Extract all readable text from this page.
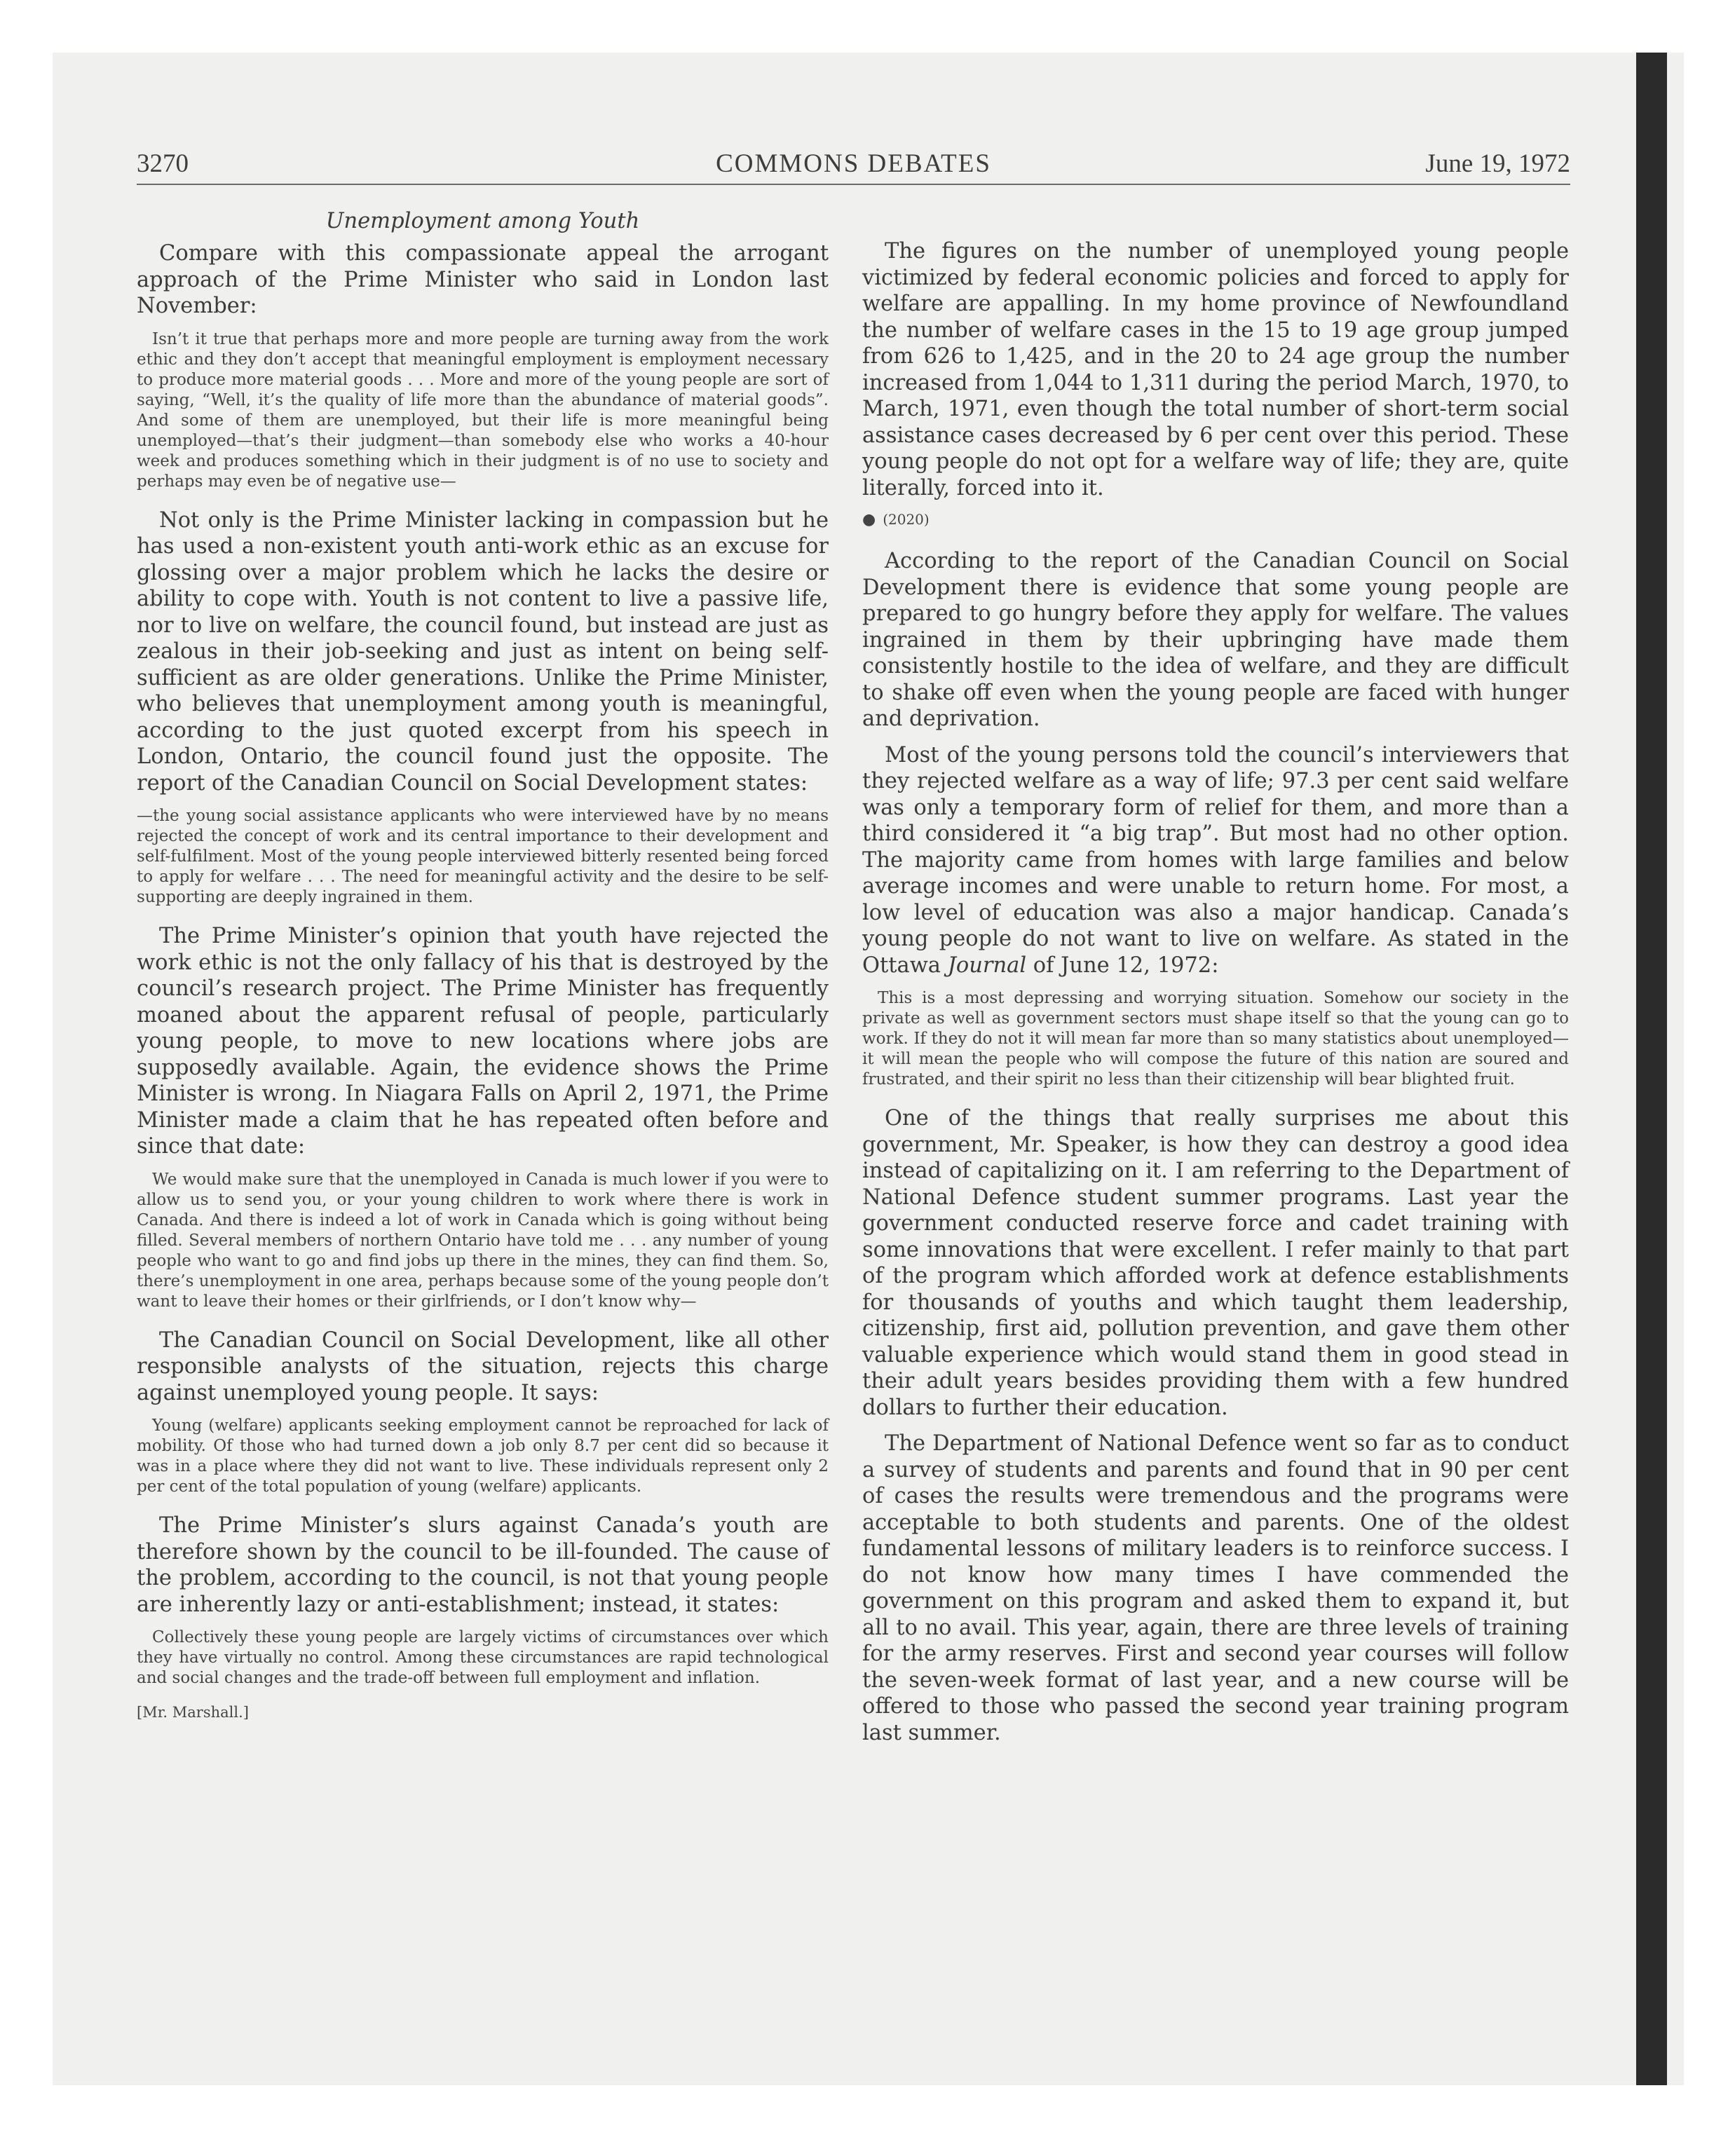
3270	COMMONS DEBATES	June 19, 1972
Unemployment among Youth

Compare with this compassionate appeal the arrogant approach of the Prime Minister who said in London last November:

Isn’t it true that perhaps more and more people are turning away from the work ethic and they don’t accept that meaningful employment is employment necessary to produce more material goods . . . More and more of the young people are sort of saying, “Well, it’s the quality of life more than the abundance of material goods”. And some of them are unemployed, but their life is more meaningful being unemployed—that’s their judgment—than somebody else who works a 40-hour week and produces something which in their judgment is of no use to society and perhaps may even be of negative use—

Not only is the Prime Minister lacking in compassion but he has used a non-existent youth anti-work ethic as an excuse for glossing over a major problem which he lacks the desire or ability to cope with. Youth is not content to live a passive life, nor to live on welfare, the council found, but instead are just as zealous in their job-seeking and just as intent on being self-sufficient as are older generations. Unlike the Prime Minister, who believes that unemployment among youth is meaningful, according to the just quoted excerpt from his speech in London, Ontario, the council found just the opposite. The report of the Canadian Council on Social Development states:

—the young social assistance applicants who were interviewed have by no means rejected the concept of work and its central importance to their development and self-fulfilment. Most of the young people interviewed bitterly resented being forced to apply for welfare . . . The need for meaningful activity and the desire to be self-supporting are deeply ingrained in them.

The Prime Minister’s opinion that youth have rejected the work ethic is not the only fallacy of his that is destroyed by the council’s research project. The Prime Minister has frequently moaned about the apparent refusal of people, particularly young people, to move to new locations where jobs are supposedly available. Again, the evidence shows the Prime Minister is wrong. In Niagara Falls on April 2, 1971, the Prime Minister made a claim that he has repeated often before and since that date:

We would make sure that the unemployed in Canada is much lower if you were to allow us to send you, or your young children to work where there is work in Canada. And there is indeed a lot of work in Canada which is going without being filled. Several members of northern Ontario have told me . . . any number of young people who want to go and find jobs up there in the mines, they can find them. So, there’s unemployment in one area, perhaps because some of the young people don’t want to leave their homes or their girlfriends, or I don’t know why—

The Canadian Council on Social Development, like all other responsible analysts of the situation, rejects this charge against unemployed young people. It says:

Young (welfare) applicants seeking employment cannot be reproached for lack of mobility. Of those who had turned down a job only 8.7 per cent did so because it was in a place where they did not want to live. These individuals represent only 2 per cent of the total population of young (welfare) applicants.

The Prime Minister’s slurs against Canada’s youth are therefore shown by the council to be ill-founded. The cause of the problem, according to the council, is not that young people are inherently lazy or anti-establishment; instead, it states:

Collectively these young people are largely victims of circumstances over which they have virtually no control. Among these circumstances are rapid technological and social changes and the trade-off between full employment and inflation.

[Mr. Marshall.]

The figures on the number of unemployed young people victimized by federal economic policies and forced to apply for welfare are appalling. In my home province of Newfoundland the number of welfare cases in the 15 to 19 age group jumped from 626 to 1,425, and in the 20 to 24 age group the number increased from 1,044 to 1,311 during the period March, 1970, to March, 1971, even though the total number of short-term social assistance cases decreased by 6 per cent over this period. These young people do not opt for a welfare way of life; they are, quite literally, forced into it.

● (2020)

According to the report of the Canadian Council on Social Development there is evidence that some young people are prepared to go hungry before they apply for welfare. The values ingrained in them by their upbringing have made them consistently hostile to the idea of welfare, and they are difficult to shake off even when the young people are faced with hunger and deprivation.

Most of the young persons told the council’s interviewers that they rejected welfare as a way of life; 97.3 per cent said welfare was only a temporary form of relief for them, and more than a third considered it “a big trap”. But most had no other option. The majority came from homes with large families and below average incomes and were unable to return home. For most, a low level of education was also a major handicap. Canada’s young people do not want to live on welfare. As stated in the Ottawa Journal of June 12, 1972:

This is a most depressing and worrying situation. Somehow our society in the private as well as government sectors must shape itself so that the young can go to work. If they do not it will mean far more than so many statistics about unemployed—it will mean the people who will compose the future of this nation are soured and frustrated, and their spirit no less than their citizenship will bear blighted fruit.

One of the things that really surprises me about this government, Mr. Speaker, is how they can destroy a good idea instead of capitalizing on it. I am referring to the Department of National Defence student summer programs. Last year the government conducted reserve force and cadet training with some innovations that were excellent. I refer mainly to that part of the program which afforded work at defence establishments for thousands of youths and which taught them leadership, citizenship, first aid, pollution prevention, and gave them other valuable experience which would stand them in good stead in their adult years besides providing them with a few hundred dollars to further their education.

The Department of National Defence went so far as to conduct a survey of students and parents and found that in 90 per cent of cases the results were tremendous and the programs were acceptable to both students and parents. One of the oldest fundamental lessons of military leaders is to reinforce success. I do not know how many times I have commended the government on this program and asked them to expand it, but all to no avail. This year, again, there are three levels of training for the army reserves. First and second year courses will follow the seven-week format of last year, and a new course will be offered to those who passed the second year training program last summer.
